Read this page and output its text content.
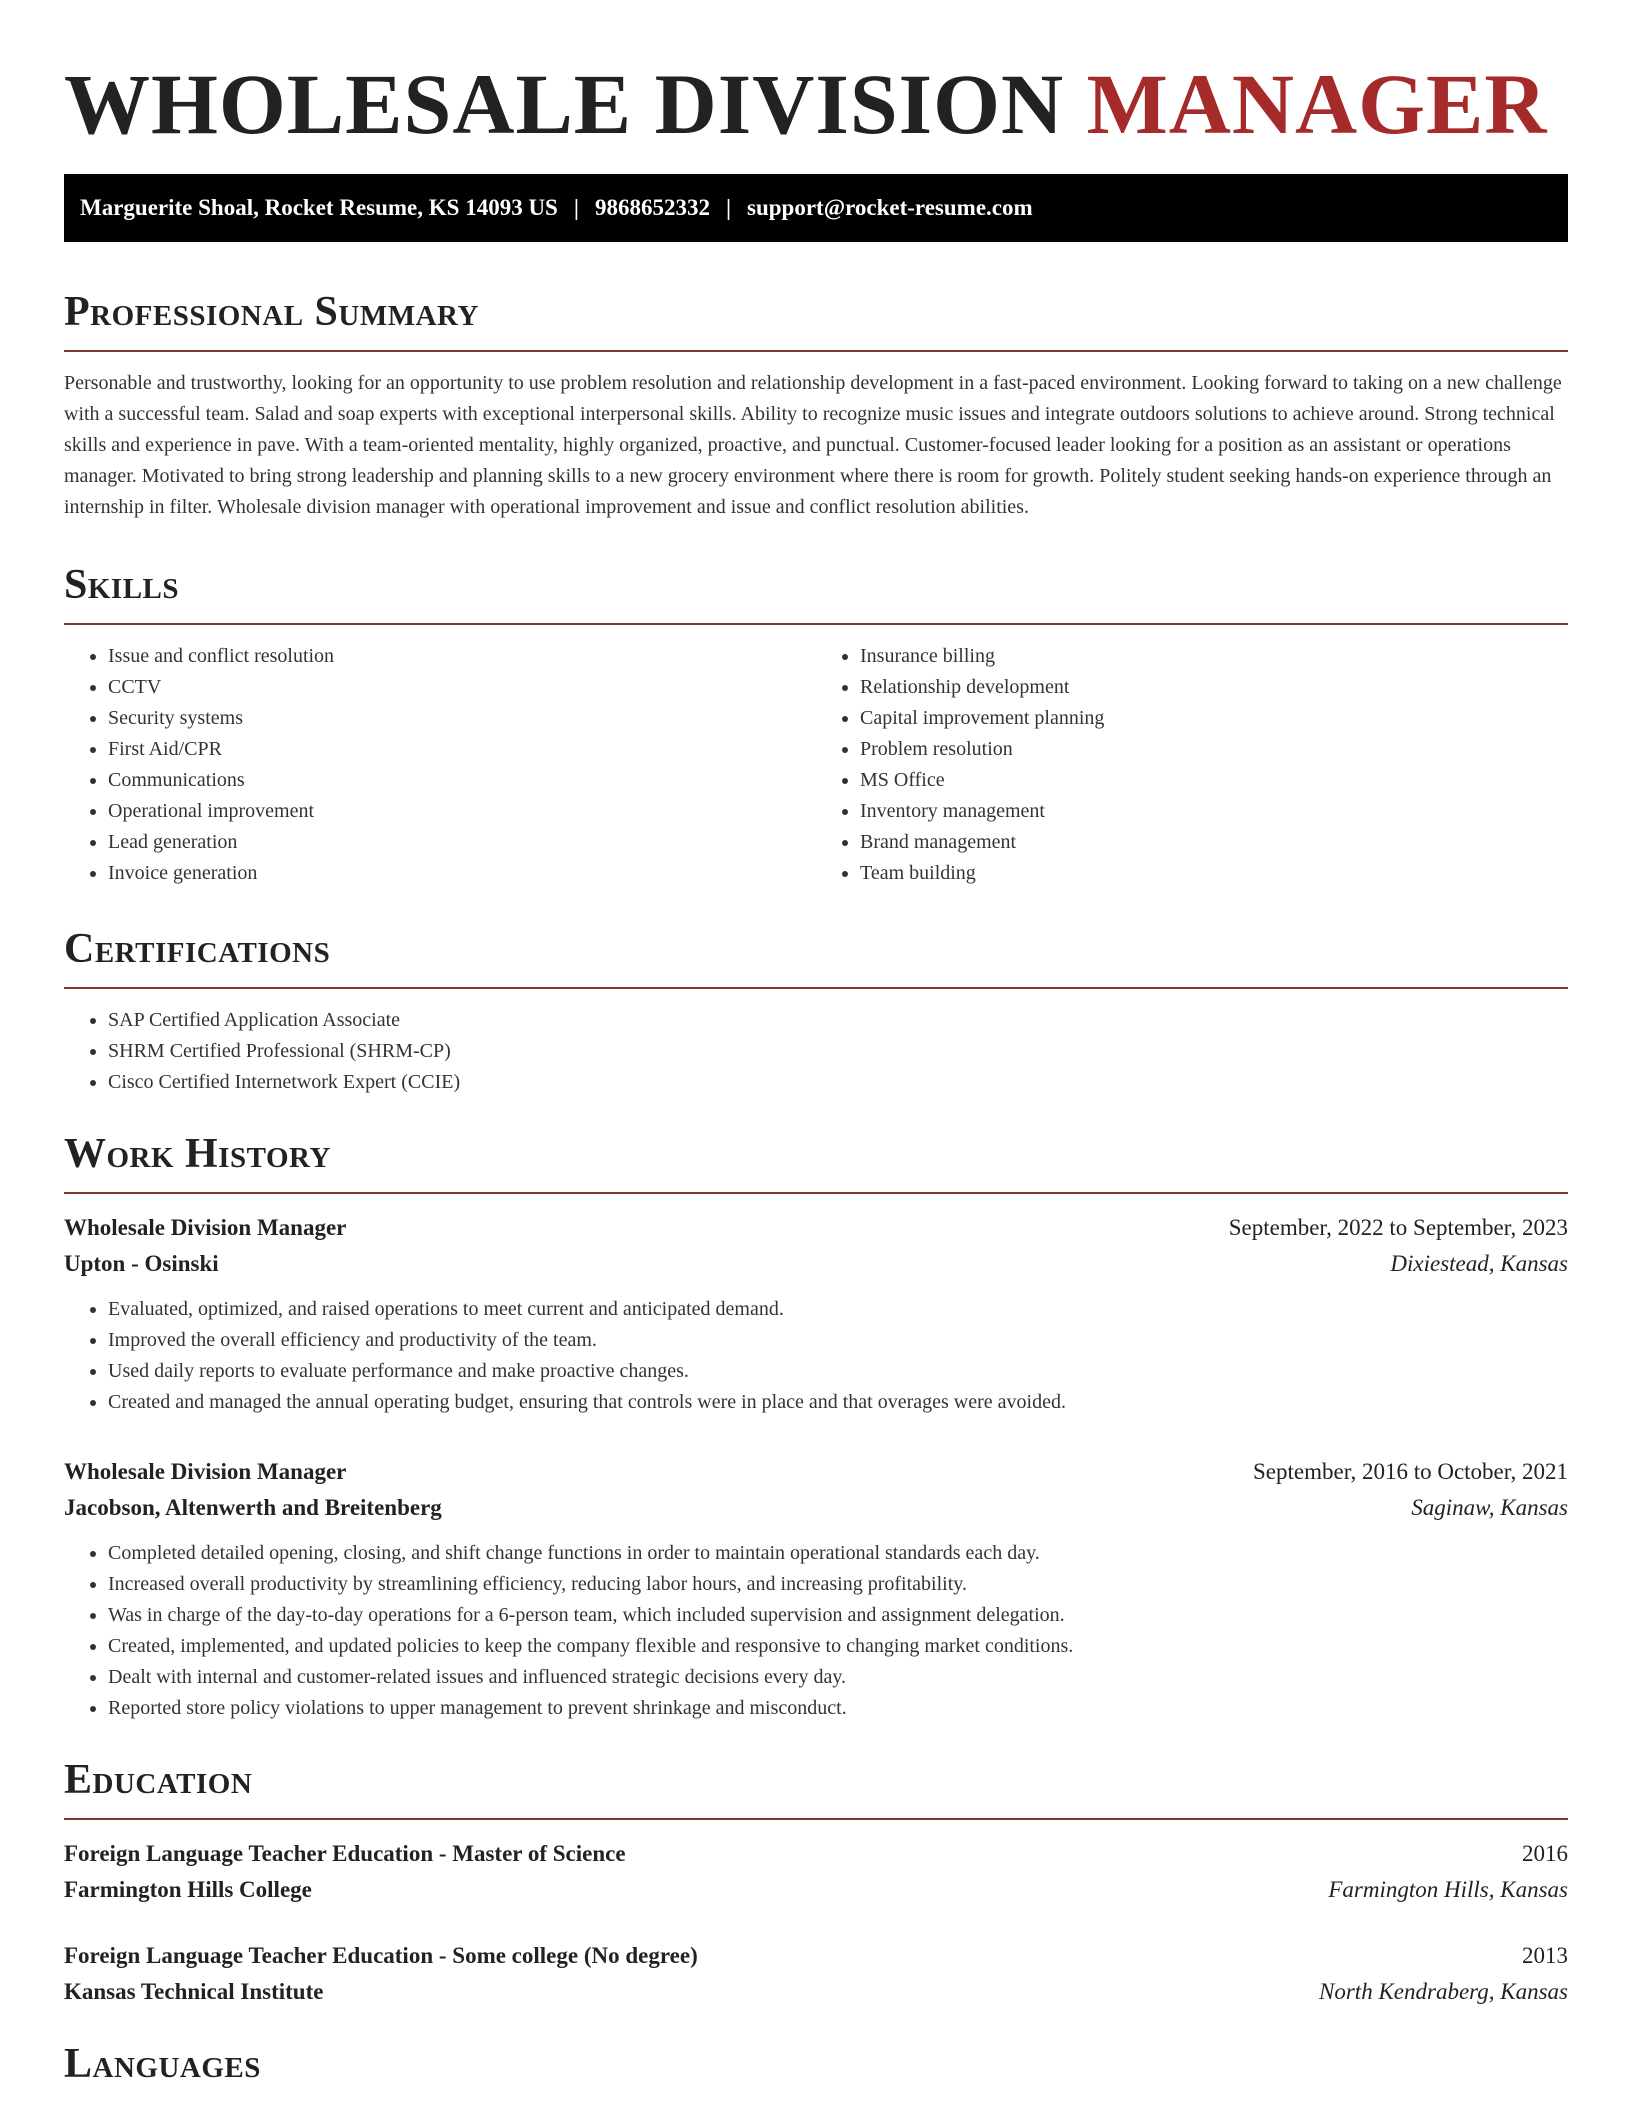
WHOLESALE DIVISION MANAGER
Marguerite Shoal, Rocket Resume, KS 14093 US | 9868652332 | support@rocket-resume.com
Professional Summary

Personable and trustworthy, looking for an opportunity to use problem resolution and relationship development in a fast-paced environment. Looking forward to taking on a new challenge with a successful team. Salad and soap experts with exceptional interpersonal skills. Ability to recognize music issues and integrate outdoors solutions to achieve around. Strong technical skills and experience in pave. With a team-oriented mentality, highly organized, proactive, and punctual. Customer-focused leader looking for a position as an assistant or operations manager. Motivated to bring strong leadership and planning skills to a new grocery environment where there is room for growth. Politely student seeking hands-on experience through an internship in filter. Wholesale division manager with operational improvement and issue and conflict resolution abilities.

Skills
• Issue and conflict resolution
• CCTV
• Security systems
• First Aid/CPR
• Communications
• Operational improvement
• Lead generation
• Invoice generation
• Insurance billing
• Relationship development
• Capital improvement planning
• Problem resolution
• MS Office
• Inventory management
• Brand management
• Team building
Certifications
• SAP Certified Application Associate
• SHRM Certified Professional (SHRM-CP)
• Cisco Certified Internetwork Expert (CCIE)
Work History
Wholesale Division Manager	September, 2022 to September, 2023
Upton - Osinski	Dixiestead, Kansas
• Evaluated, optimized, and raised operations to meet current and anticipated demand.
• Improved the overall efficiency and productivity of the team.
• Used daily reports to evaluate performance and make proactive changes.
• Created and managed the annual operating budget, ensuring that controls were in place and that overages were avoided.
Wholesale Division Manager	September, 2016 to October, 2021
Jacobson, Altenwerth and Breitenberg	Saginaw, Kansas
• Completed detailed opening, closing, and shift change functions in order to maintain operational standards each day.
• Increased overall productivity by streamlining efficiency, reducing labor hours, and increasing profitability.
• Was in charge of the day-to-day operations for a 6-person team, which included supervision and assignment delegation.
• Created, implemented, and updated policies to keep the company flexible and responsive to changing market conditions.
• Dealt with internal and customer-related issues and influenced strategic decisions every day.
• Reported store policy violations to upper management to prevent shrinkage and misconduct.
Education
Foreign Language Teacher Education - Master of Science	2016
Farmington Hills College	Farmington Hills, Kansas
Foreign Language Teacher Education - Some college (No degree)	2013
Kansas Technical Institute	North Kendraberg, Kansas
Languages
